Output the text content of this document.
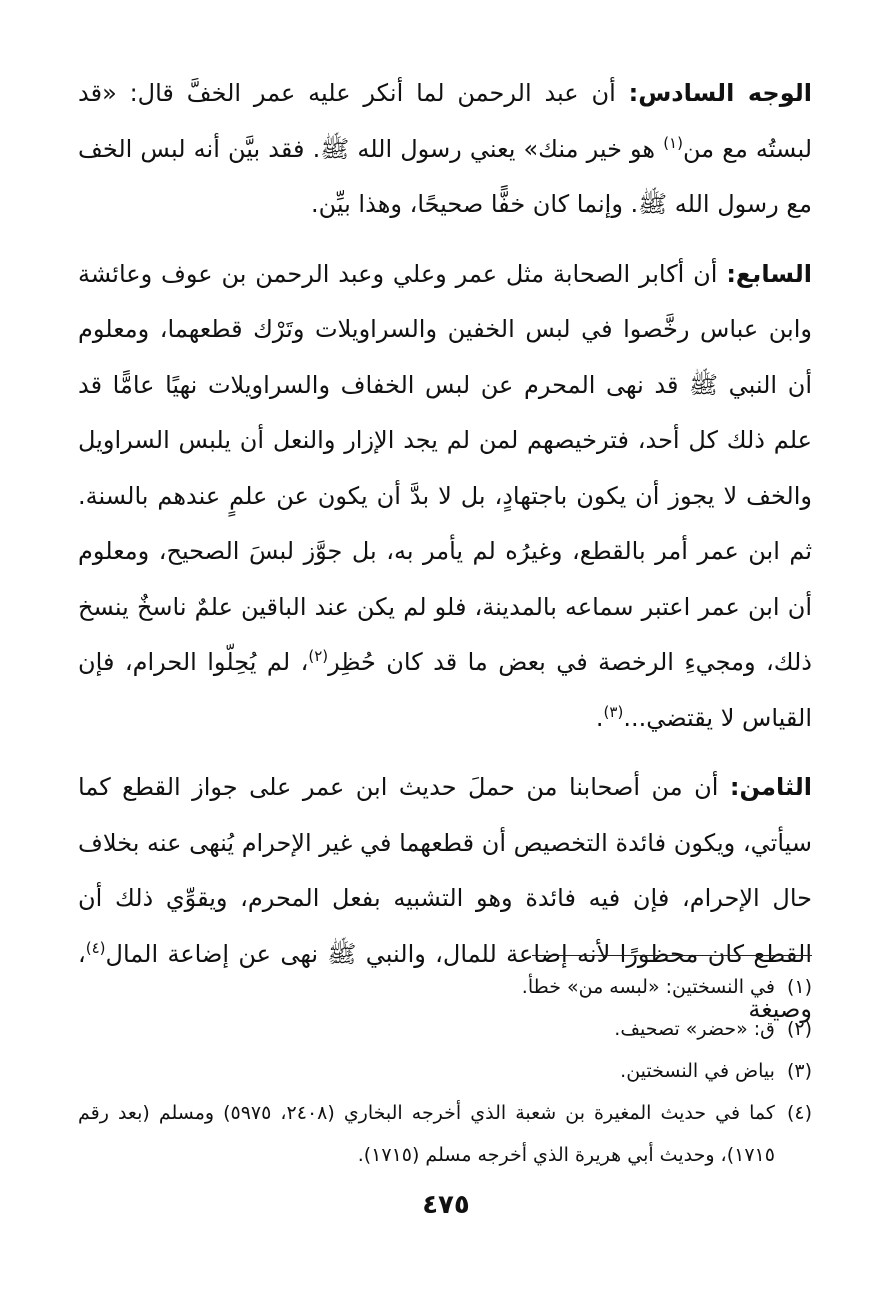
الوجه السادس: أن عبد الرحمن لما أنكر عليه عمر الخفَّ قال: «قد لبستُه مع من$^{(١)}$ هو خير منك» يعني رسول الله ﷺ. فقد بيَّن أنه لبس الخف مع رسول الله ﷺ. وإنما كان خفًّا صحيحًا، وهذا بيِّن.

السابع: أن أكابر الصحابة مثل عمر وعلي وعبد الرحمن بن عوف وعائشة وابن عباس رخَّصوا في لبس الخفين والسراويلات وتَرْك قطعهما، ومعلوم أن النبي ﷺ قد نهى المحرم عن لبس الخفاف والسراويلات نهيًا عامًّا قد علم ذلك كل أحد، فترخيصهم لمن لم يجد الإزار والنعل أن يلبس السراويل والخف لا يجوز أن يكون باجتهادٍ، بل لا بدَّ أن يكون عن علمٍ عندهم بالسنة. ثم ابن عمر أمر بالقطع، وغيرُه لم يأمر به، بل جوَّز لبسَ الصحيح، ومعلوم أن ابن عمر اعتبر سماعه بالمدينة، فلو لم يكن عند الباقين علمٌ ناسخٌ ينسخ ذلك، ومجيءِ الرخصة في بعض ما قد كان حُظِر$^{(٢)}$، لم يُحِلّوا الحرام، فإن القياس لا يقتضي...$^{(٣)}$.

الثامن: أن من أصحابنا من حملَ حديث ابن عمر على جواز القطع كما سيأتي، ويكون فائدة التخصيص أن قطعهما في غير الإحرام يُنهى عنه بخلاف حال الإحرام، فإن فيه فائدة وهو التشبيه بفعل المحرم، ويقوِّي ذلك أن القطع كان محظورًا لأنه إضاعة للمال، والنبي ﷺ نهى عن إضاعة المال$^{(٤)}$، وصيغة

(١)
في النسختين: «لبسه من» خطأ.
(٢)
ق: «حضر» تصحيف.
(٣)
بياض في النسختين.
(٤)
كما في حديث المغيرة بن شعبة الذي أخرجه البخاري (٢٤٠٨، ٥٩٧٥) ومسلم (بعد رقم ١٧١٥)، وحديث أبي هريرة الذي أخرجه مسلم (١٧١٥).
٤٧٥
